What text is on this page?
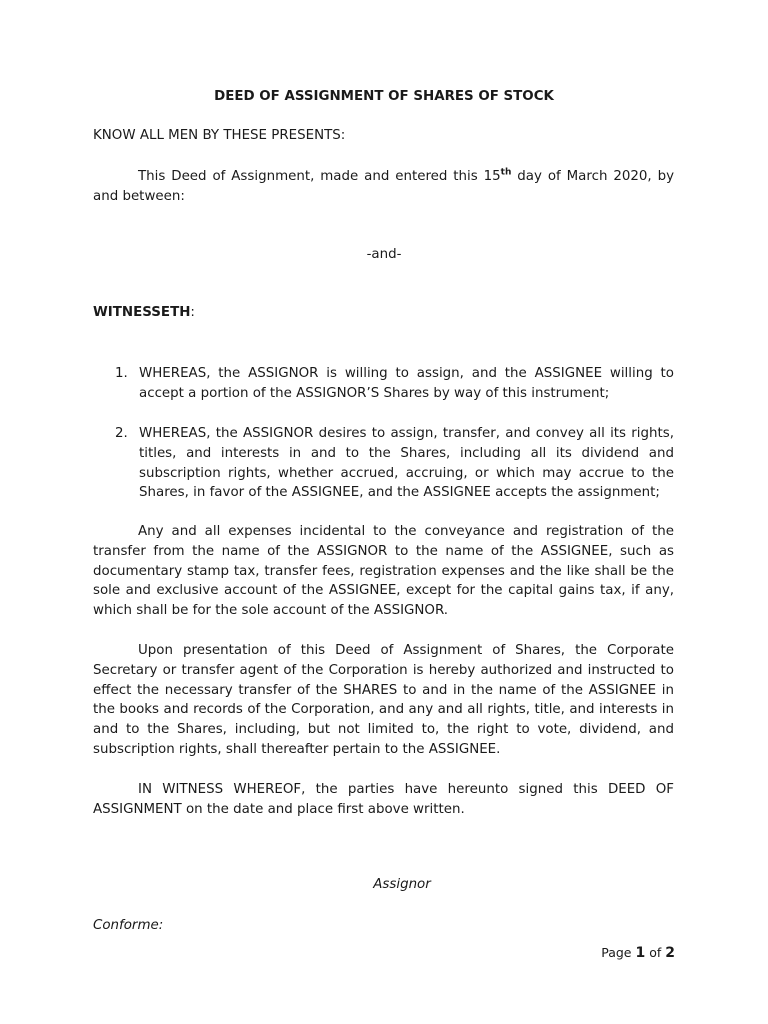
DEED OF ASSIGNMENT OF SHARES OF STOCK
KNOW ALL MEN BY THESE PRESENTS:
This Deed of Assignment, made and entered this 15th day of March 2020, by and between:
-and-
WITNESSETH:
1. WHEREAS, the ASSIGNOR is willing to assign, and the ASSIGNEE willing to accept a portion of the ASSIGNOR’S Shares by way of this instrument;
2. WHEREAS, the ASSIGNOR desires to assign, transfer, and convey all its rights, titles, and interests in and to the Shares, including all its dividend and subscription rights, whether accrued, accruing, or which may accrue to the Shares, in favor of the ASSIGNEE, and the ASSIGNEE accepts the assignment;
Any and all expenses incidental to the conveyance and registration of the transfer from the name of the ASSIGNOR to the name of the ASSIGNEE, such as documentary stamp tax, transfer fees, registration expenses and the like shall be the sole and exclusive account of the ASSIGNEE, except for the capital gains tax, if any, which shall be for the sole account of the ASSIGNOR.
Upon presentation of this Deed of Assignment of Shares, the Corporate Secretary or transfer agent of the Corporation is hereby authorized and instructed to effect the necessary transfer of the SHARES to and in the name of the ASSIGNEE in the books and records of the Corporation, and any and all rights, title, and interests in and to the Shares, including, but not limited to, the right to vote, dividend, and subscription rights, shall thereafter pertain to the ASSIGNEE.
IN WITNESS WHEREOF, the parties have hereunto signed this DEED OF ASSIGNMENT on the date and place first above written.
Assignor
Conforme:
Page 1 of 2
